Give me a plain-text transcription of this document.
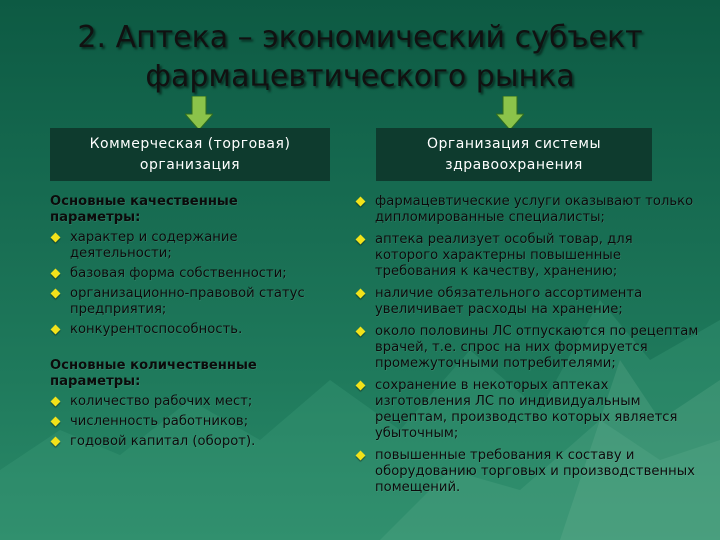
2. Аптека – экономический субъект
фармацевтического рынка
Коммерческая (торговая)
организация
Организация системы
здравоохранения
Основные качественные параметры:
характер и содержание деятельности;
базовая форма собственности;
организационно-правовой статус предприятия;
конкурентоспособность.
Основные количественные параметры:
количество рабочих мест;
численность работников;
годовой капитал (оборот).
фармацевтические услуги оказывают только дипломированные специалисты;
аптека реализует особый товар, для которого характерны повышенные требования к качеству, хранению;
наличие обязательного ассортимента увеличивает расходы на хранение;
около половины ЛС отпускаются по рецептам врачей, т.е. спрос на них формируется промежуточными потребителями;
сохранение в некоторых аптеках изготовления ЛС по индивидуальным рецептам, производство которых является убыточным;
повышенные требования к составу и оборудованию торговых и производственных помещений.
